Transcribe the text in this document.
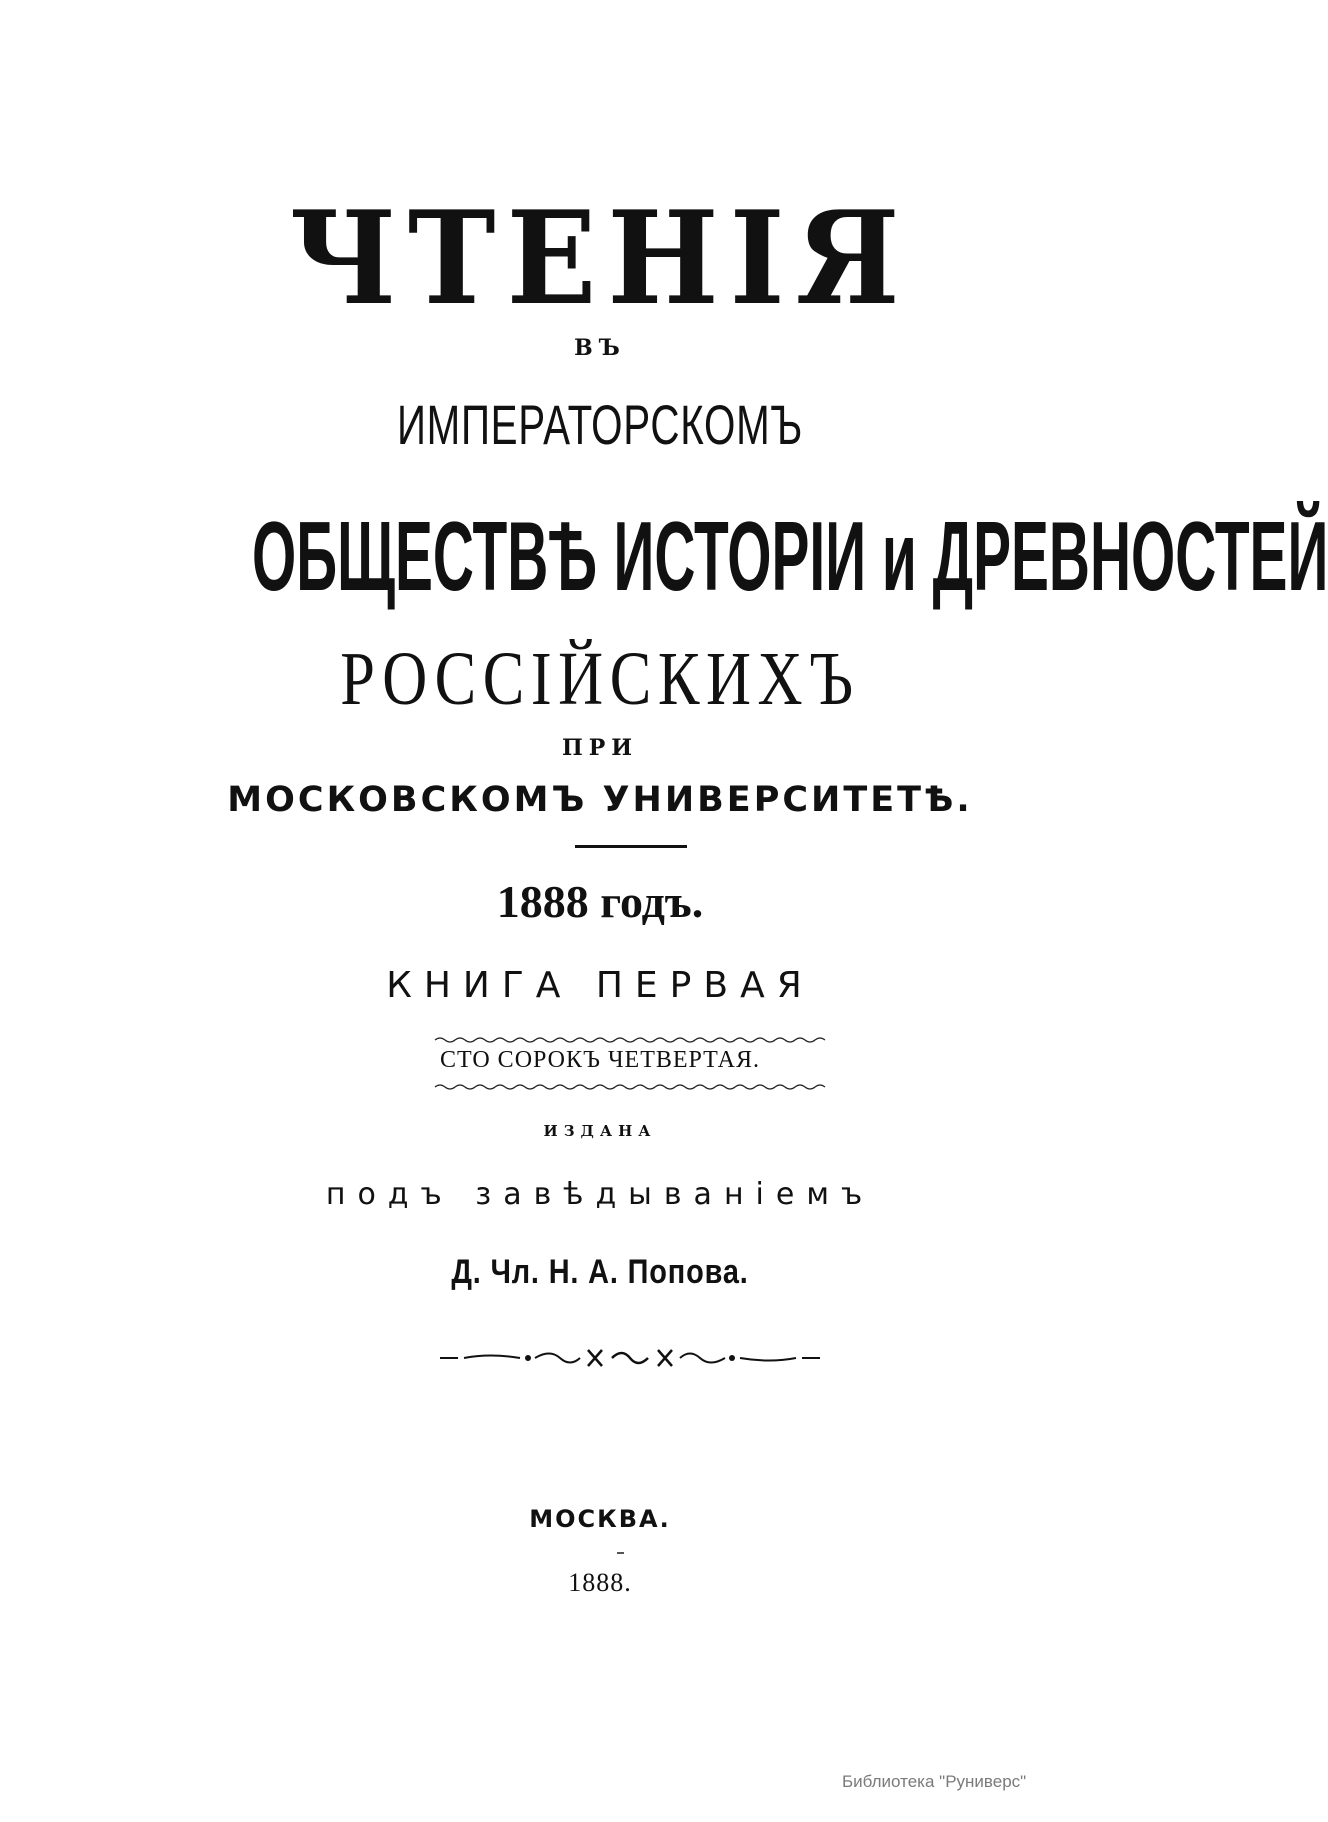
ЧТЕНІЯ
ВЪ
ИМПЕРАТОРСКОМЪ
ОБЩЕСТВѢ ИСТОРІИ и ДРЕВНОСТЕЙ
РОССІЙСКИХЪ
ПРИ
МОСКОВСКОМЪ УНИВЕРСИТЕТѢ.
1888 годъ.
КНИГА ПЕРВАЯ
СТО СОРОКЪ ЧЕТВЕРТАЯ.
ИЗДАНА
подъ завѣдываніемъ
Д. Чл. Н. А. Попова.
МОСКВА.
1888.
Библиотека "Руниверс"
